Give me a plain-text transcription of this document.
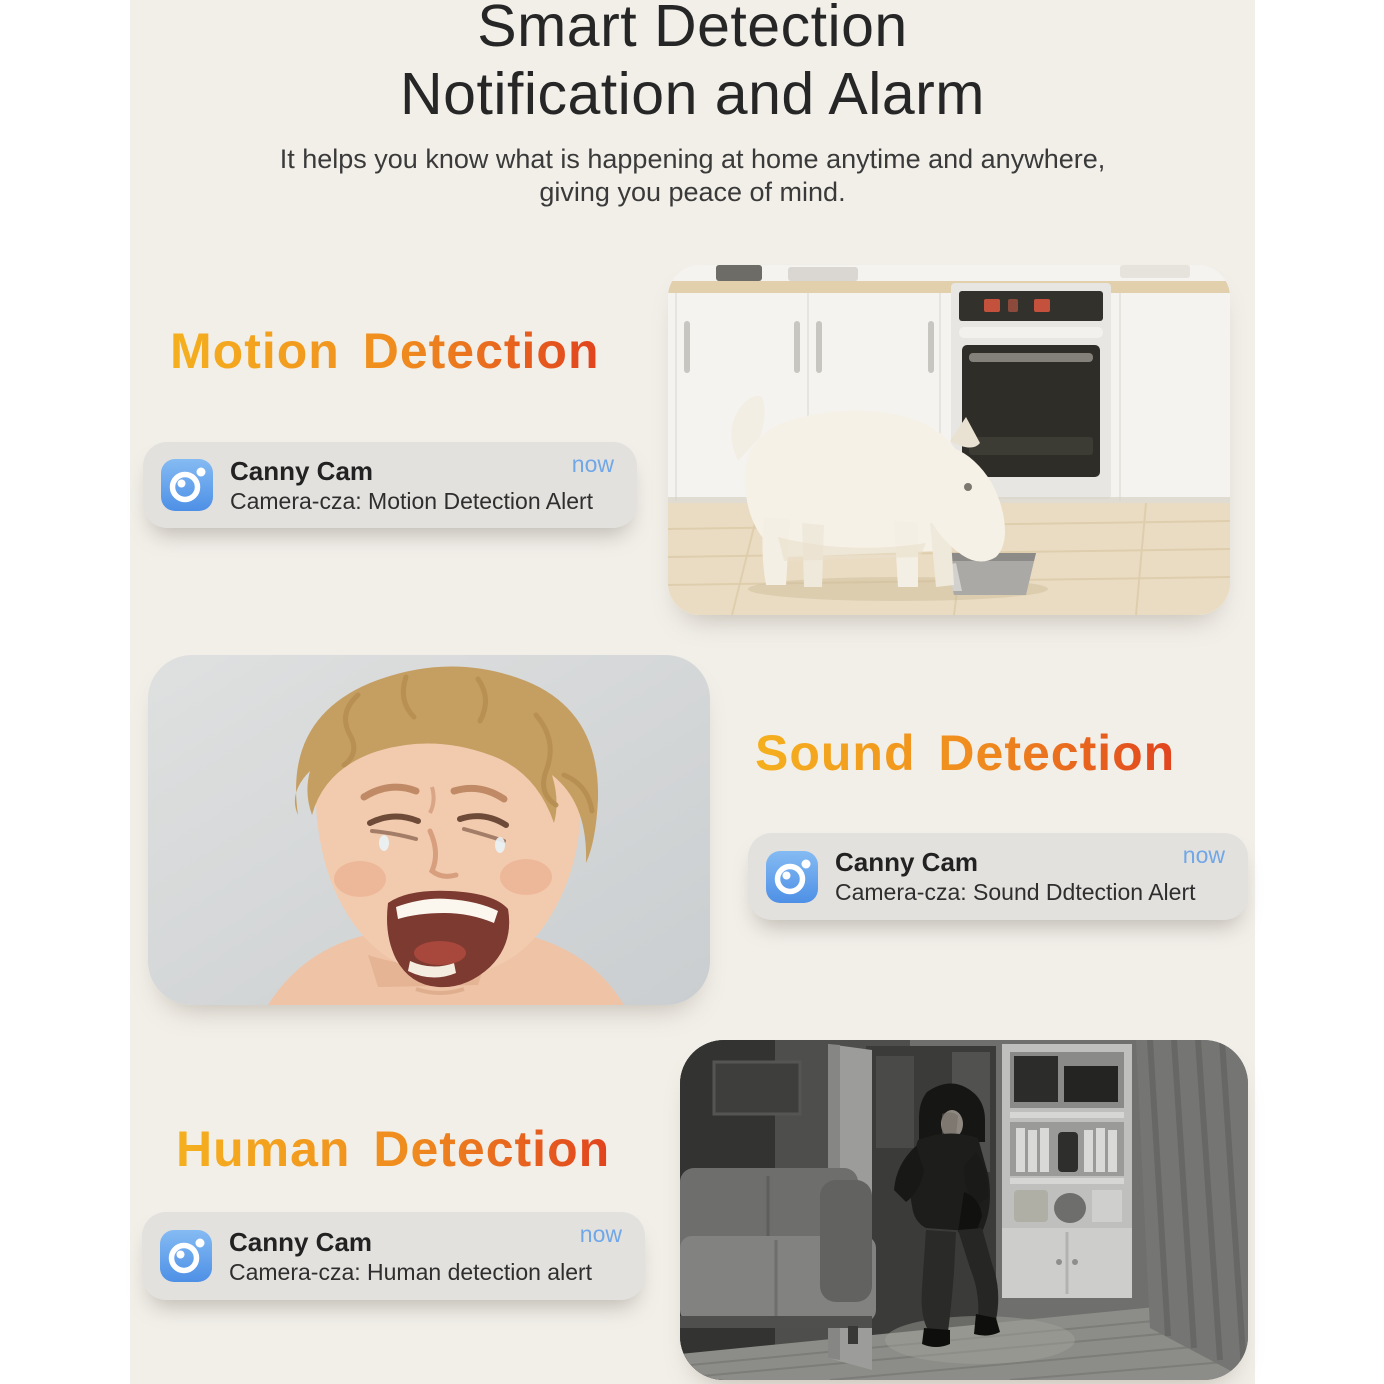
Smart Detection
Notification and Alarm
It helps you know what is happening at home anytime and anywhere,
giving you peace of mind.
Motion Detection
Canny Cam
Camera-cza: Motion Detection Alert
now
Sound Detection
Canny Cam
Camera-cza: Sound Ddtection Alert
now
Human Detection
Canny Cam
Camera-cza: Human detection alert
now
